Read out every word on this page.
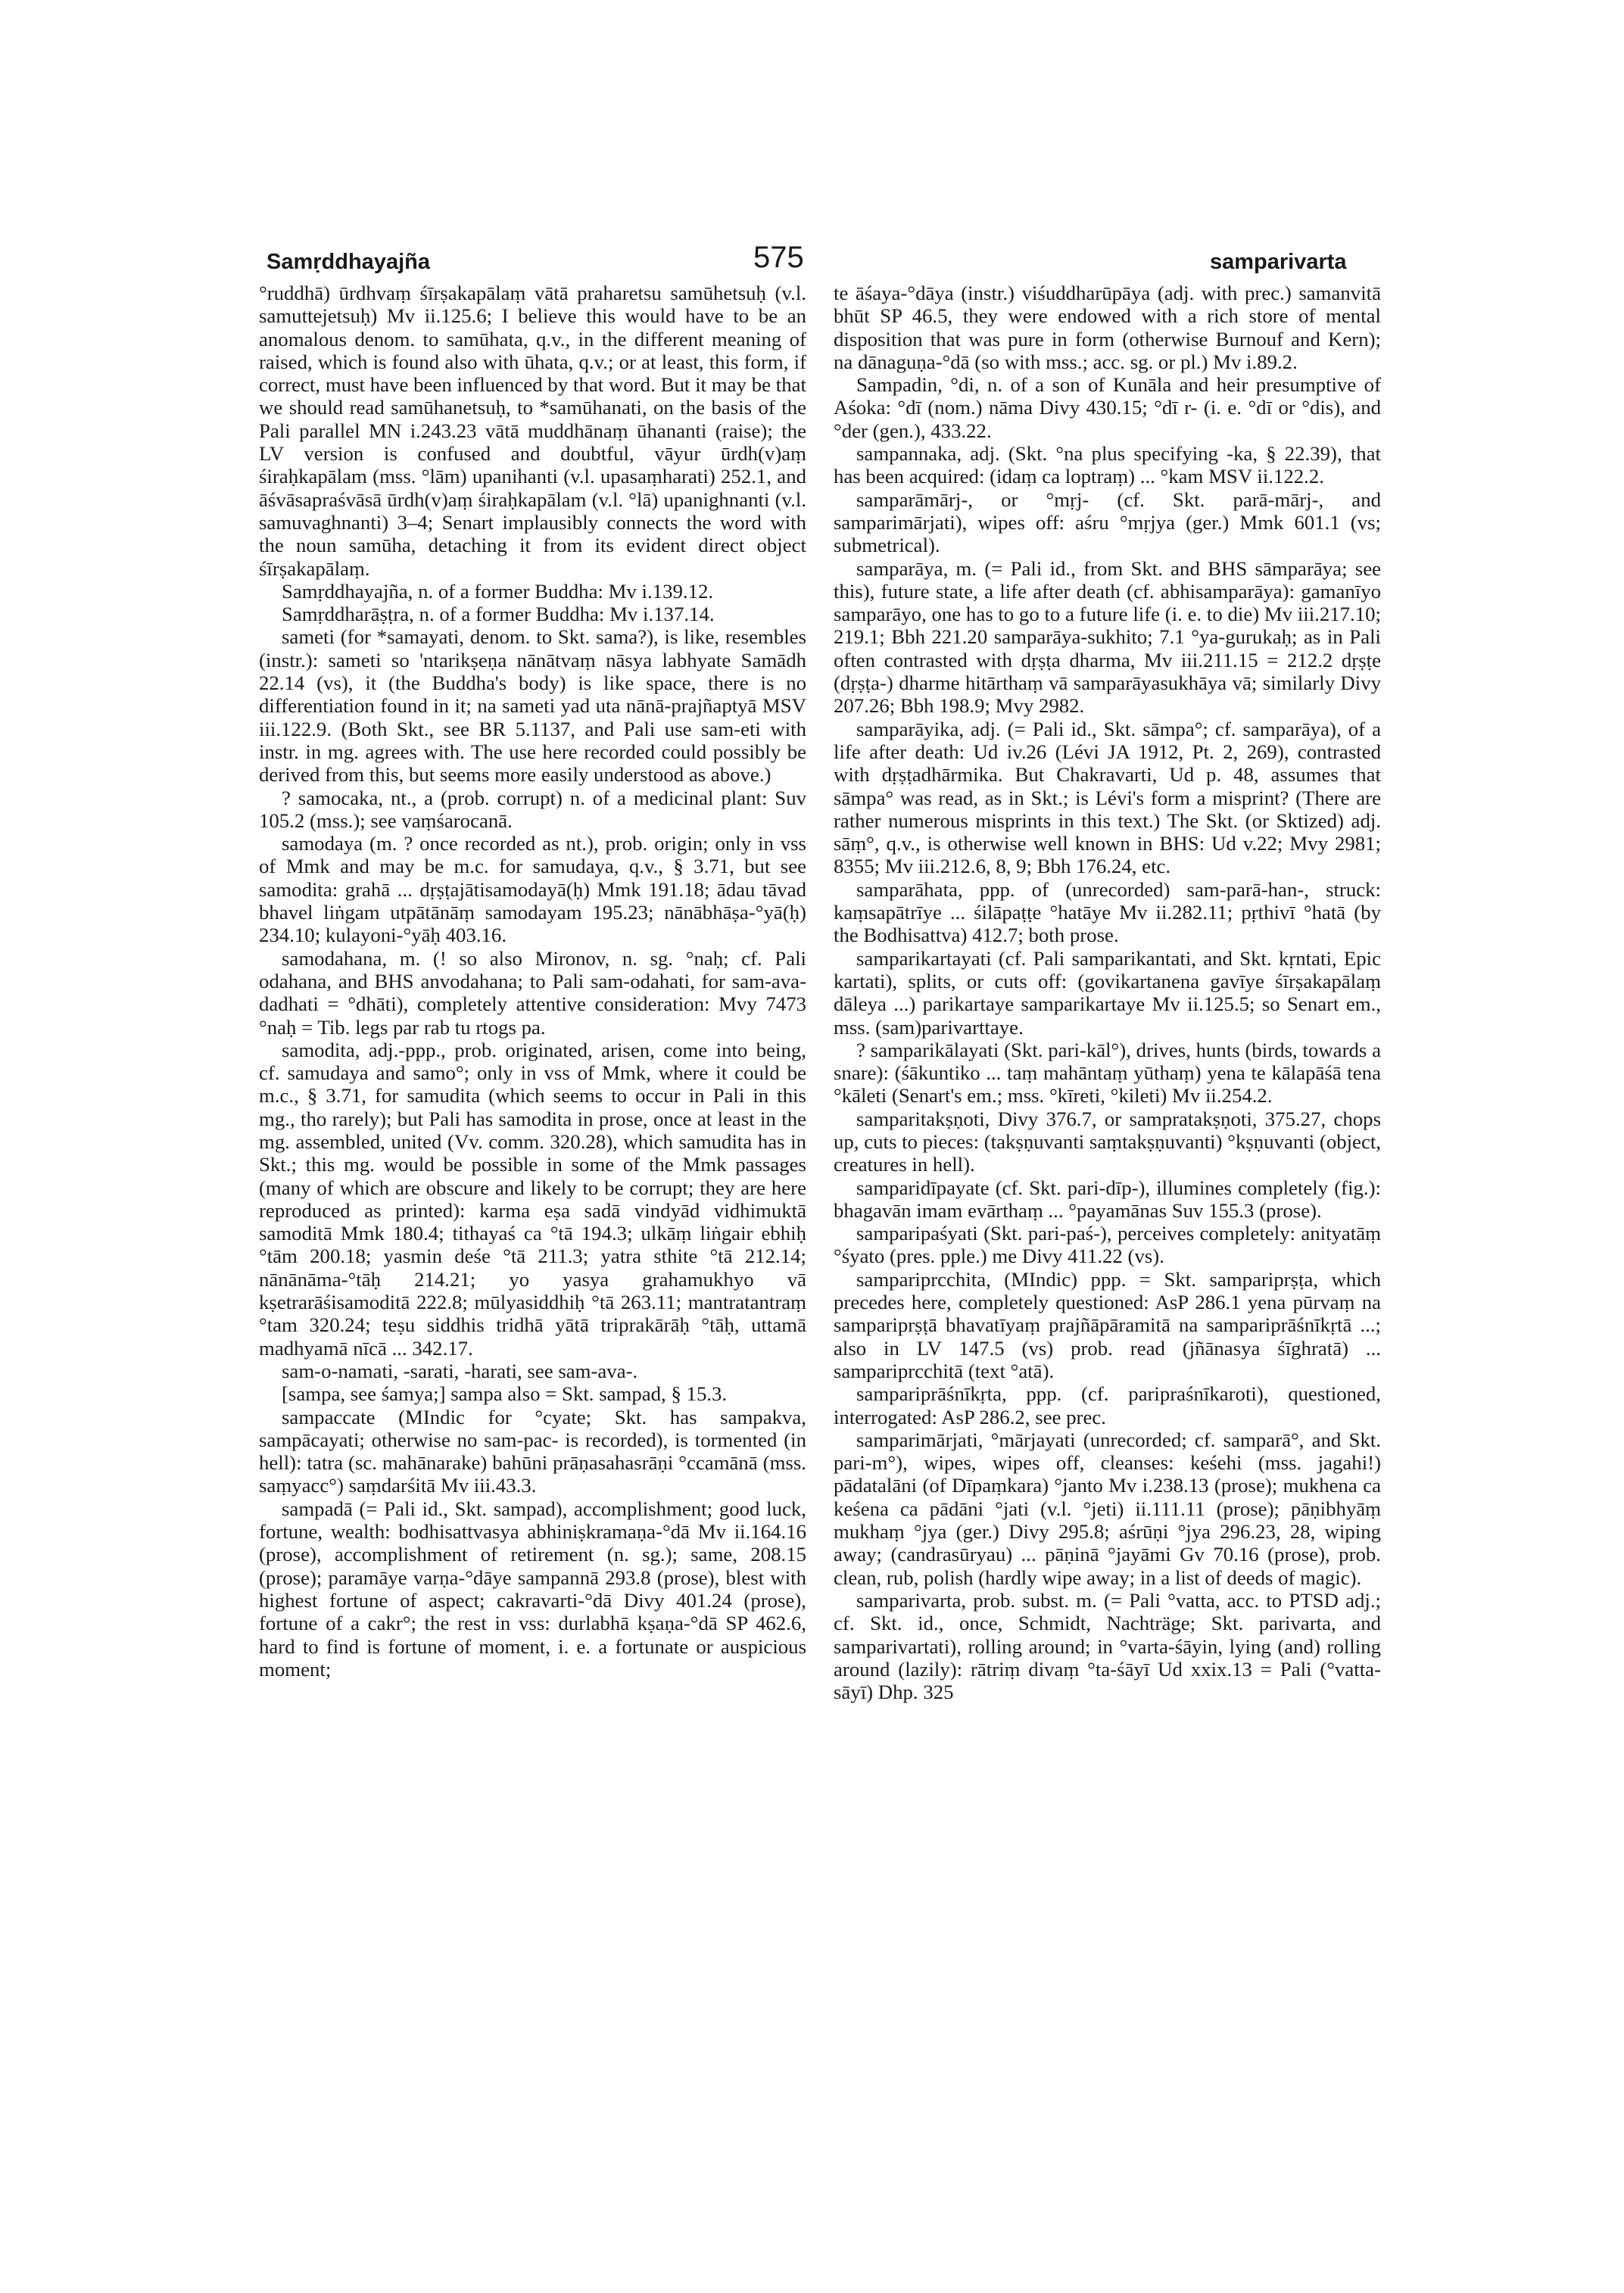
Samṛddhayajña	575	samparivarta

°ruddhā) ūrdhvaṃ śīrṣakapālaṃ vātā praharetsu samūhetsuḥ (v.l. samuttejetsuḥ) Mv ii.125.6; I believe this would have to be an anomalous denom. to samūhata, q.v., in the different meaning of raised, which is found also with ūhata, q.v.; or at least, this form, if correct, must have been influenced by that word. But it may be that we should read samūhanetsuḥ, to *samūhanati, on the basis of the Pali parallel MN i.243.23 vātā muddhānaṃ ūhananti (raise); the LV version is confused and doubtful, vāyur ūrdh(v)aṃ śiraḥkapālam (mss. °lām) upanihanti (v.l. upasaṃharati) 252.1, and āśvāsapraśvāsā ūrdh(v)aṃ śiraḥkapālam (v.l. °lā) upanighnanti (v.l. samuvaghnanti) 3–4; Senart implausibly connects the word with the noun samūha, detaching it from its evident direct object śīrṣakapālaṃ.

Samṛddhayajña, n. of a former Buddha: Mv i.139.12.

Samṛddharāṣṭra, n. of a former Buddha: Mv i.137.14.

sameti (for *samayati, denom. to Skt. sama?), is like, resembles (instr.): sameti so 'ntarikṣeṇa nānātvaṃ nāsya labhyate Samādh 22.14 (vs), it (the Buddha's body) is like space, there is no differentiation found in it; na sameti yad uta nānā-prajñaptyā MSV iii.122.9. (Both Skt., see BR 5.1137, and Pali use sam-eti with instr. in mg. agrees with. The use here recorded could possibly be derived from this, but seems more easily understood as above.)

? samocaka, nt., a (prob. corrupt) n. of a medicinal plant: Suv 105.2 (mss.); see vaṃśarocanā.

samodaya (m. ? once recorded as nt.), prob. origin; only in vss of Mmk and may be m.c. for samudaya, q.v., § 3.71, but see samodita: grahā ... dṛṣṭajātisamodayā(ḥ) Mmk 191.18; ādau tāvad bhavel liṅgam utpātānāṃ samodayam 195.23; nānābhāṣa-°yā(ḥ) 234.10; kulayoni-°yāḥ 403.16.

samodahana, m. (! so also Mironov, n. sg. °naḥ; cf. Pali odahana, and BHS anvodahana; to Pali sam-odahati, for sam-ava-dadhati = °dhāti), completely attentive consideration: Mvy 7473 °naḥ = Tib. legs par rab tu rtogs pa.

samodita, adj.-ppp., prob. originated, arisen, come into being, cf. samudaya and samo°; only in vss of Mmk, where it could be m.c., § 3.71, for samudita (which seems to occur in Pali in this mg., tho rarely); but Pali has samodita in prose, once at least in the mg. assembled, united (Vv. comm. 320.28), which samudita has in Skt.; this mg. would be possible in some of the Mmk passages (many of which are obscure and likely to be corrupt; they are here reproduced as printed): karma eṣa sadā vindyād vidhimuktā samoditā Mmk 180.4; tithayaś ca °tā 194.3; ulkāṃ liṅgair ebhiḥ °tām 200.18; yasmin deśe °tā 211.3; yatra sthite °tā 212.14; nānānāma-°tāḥ 214.21; yo yasya grahamukhyo vā kṣetrarāśisamoditā 222.8; mūlyasiddhiḥ °tā 263.11; mantratantraṃ °tam 320.24; teṣu siddhis tridhā yātā triprakārāḥ °tāḥ, uttamā madhyamā nīcā ... 342.17.

sam-o-namati, -sarati, -harati, see sam-ava-.

[sampa, see śamya;] sampa also = Skt. sampad, § 15.3.

sampaccate (MIndic for °cyate; Skt. has sampakva, sampācayati; otherwise no sam-pac- is recorded), is tormented (in hell): tatra (sc. mahānarake) bahūni prāṇasahasrāṇi °ccamānā (mss. saṃyacc°) saṃdarśitā Mv iii.43.3.

sampadā (= Pali id., Skt. sampad), accomplishment; good luck, fortune, wealth: bodhisattvasya abhiniṣkramaṇa-°dā Mv ii.164.16 (prose), accomplishment of retirement (n. sg.); same, 208.15 (prose); paramāye varṇa-°dāye sampannā 293.8 (prose), blest with highest fortune of aspect; cakravarti-°dā Divy 401.24 (prose), fortune of a cakr°; the rest in vss: durlabhā kṣaṇa-°dā SP 462.6, hard to find is fortune of moment, i. e. a fortunate or auspicious moment;

te āśaya-°dāya (instr.) viśuddharūpāya (adj. with prec.) samanvitā bhūt SP 46.5, they were endowed with a rich store of mental disposition that was pure in form (otherwise Burnouf and Kern); na dānaguṇa-°dā (so with mss.; acc. sg. or pl.) Mv i.89.2.

Sampadin, °di, n. of a son of Kunāla and heir presumptive of Aśoka: °dī (nom.) nāma Divy 430.15; °dī r- (i. e. °dī or °dis), and °der (gen.), 433.22.

sampannaka, adj. (Skt. °na plus specifying -ka, § 22.39), that has been acquired: (idaṃ ca loptraṃ) ... °kam MSV ii.122.2.

samparāmārj-, or °mṛj- (cf. Skt. parā-mārj-, and samparimārjati), wipes off: aśru °mṛjya (ger.) Mmk 601.1 (vs; submetrical).

samparāya, m. (= Pali id., from Skt. and BHS sāmparāya; see this), future state, a life after death (cf. abhisamparāya): gamanīyo samparāyo, one has to go to a future life (i. e. to die) Mv iii.217.10; 219.1; Bbh 221.20 samparāya-sukhito; 7.1 °ya-gurukaḥ; as in Pali often contrasted with dṛṣṭa dharma, Mv iii.211.15 = 212.2 dṛṣṭe (dṛṣṭa-) dharme hitārthaṃ vā samparāyasukhāya vā; similarly Divy 207.26; Bbh 198.9; Mvy 2982.

samparāyika, adj. (= Pali id., Skt. sāmpa°; cf. samparāya), of a life after death: Ud iv.26 (Lévi JA 1912, Pt. 2, 269), contrasted with dṛṣṭadhārmika. But Chakravarti, Ud p. 48, assumes that sāmpa° was read, as in Skt.; is Lévi's form a misprint? (There are rather numerous misprints in this text.) The Skt. (or Sktized) adj. sāṃ°, q.v., is otherwise well known in BHS: Ud v.22; Mvy 2981; 8355; Mv iii.212.6, 8, 9; Bbh 176.24, etc.

samparāhata, ppp. of (unrecorded) sam-parā-han-, struck: kaṃsapātrīye ... śilāpaṭṭe °hatāye Mv ii.282.11; pṛthivī °hatā (by the Bodhisattva) 412.7; both prose.

samparikartayati (cf. Pali samparikantati, and Skt. kṛntati, Epic kartati), splits, or cuts off: (govikartanena gavīye śīrṣakapālaṃ dāleya ...) parikartaye samparikartaye Mv ii.125.5; so Senart em., mss. (sam)parivarttaye.

? samparikālayati (Skt. pari-kāl°), drives, hunts (birds, towards a snare): (śākuntiko ... taṃ mahāntaṃ yūthaṃ) yena te kālapāśā tena °kāleti (Senart's em.; mss. °kīreti, °kileti) Mv ii.254.2.

samparitakṣṇoti, Divy 376.7, or sampratakṣṇoti, 375.27, chops up, cuts to pieces: (takṣṇuvanti saṃtakṣṇuvanti) °kṣṇuvanti (object, creatures in hell).

samparidīpayate (cf. Skt. pari-dīp-), illumines completely (fig.): bhagavān imam evārthaṃ ... °payamānas Suv 155.3 (prose).

samparipaśyati (Skt. pari-paś-), perceives completely: anityatāṃ °śyato (pres. pple.) me Divy 411.22 (vs).

sampariprcchita, (MIndic) ppp. = Skt. sampariprṣṭa, which precedes here, completely questioned: AsP 286.1 yena pūrvaṃ na sampariprṣṭā bhavatīyaṃ prajñāpāramitā na sampariprāśnīkṛtā ...; also in LV 147.5 (vs) prob. read (jñānasya śīghratā) ... sampariprcchitā (text °atā).

sampariprāśnīkṛta, ppp. (cf. paripraśnīkaroti), questioned, interrogated: AsP 286.2, see prec.

samparimārjati, °mārjayati (unrecorded; cf. samparā°, and Skt. pari-m°), wipes, wipes off, cleanses: keśehi (mss. jagahi!) pādatalāni (of Dīpaṃkara) °janto Mv i.238.13 (prose); mukhena ca keśena ca pādāni °jati (v.l. °jeti) ii.111.11 (prose); pāṇibhyāṃ mukhaṃ °jya (ger.) Divy 295.8; aśrūṇi °jya 296.23, 28, wiping away; (candrasūryau) ... pāṇinā °jayāmi Gv 70.16 (prose), prob. clean, rub, polish (hardly wipe away; in a list of deeds of magic).

samparivarta, prob. subst. m. (= Pali °vatta, acc. to PTSD adj.; cf. Skt. id., once, Schmidt, Nachträge; Skt. parivarta, and samparivartati), rolling around; in °varta-śāyin, lying (and) rolling around (lazily): rātriṃ divaṃ °ta-śāyī Ud xxix.13 = Pali (°vatta-sāyī) Dhp. 325
